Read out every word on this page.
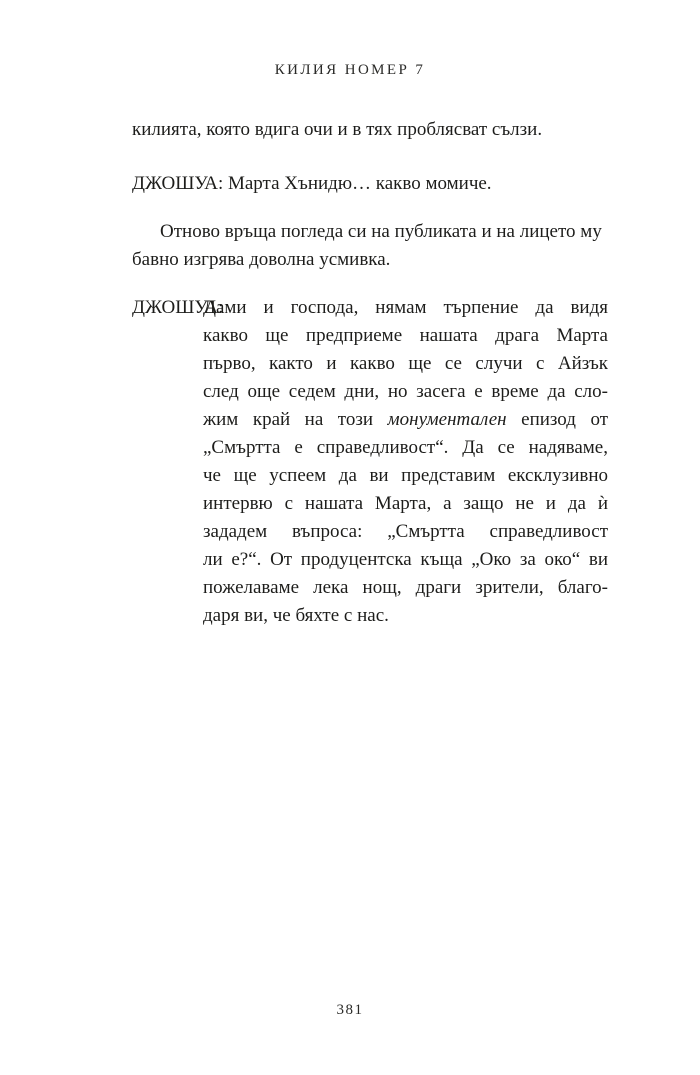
КИЛИЯ НОМЕР 7
килията, която вдига очи и в тях проблясват сълзи.
ДЖОШУА: Марта Хънидю… какво момиче.
Отново връща погледа си на публиката и на лицето му
бавно изгрява доволна усмивка.
ДЖОШУА:
Дами и господа, нямам търпение да видя
какво ще предприеме нашата драга Марта
първо, както и какво ще се случи с Айзък
след още седем дни, но засега е време да сло-
жим край на този монументален епизод от
„Смъртта е справедливост“. Да се надяваме,
че ще успеем да ви представим ексклузивно
интервю с нашата Марта, а защо не и да ѝ
зададем въпроса: „Смъртта справедливост
ли е?“. От продуцентска къща „Око за око“ ви
пожелаваме лека нощ, драги зрители, благо-
даря ви, че бяхте с нас.
381
